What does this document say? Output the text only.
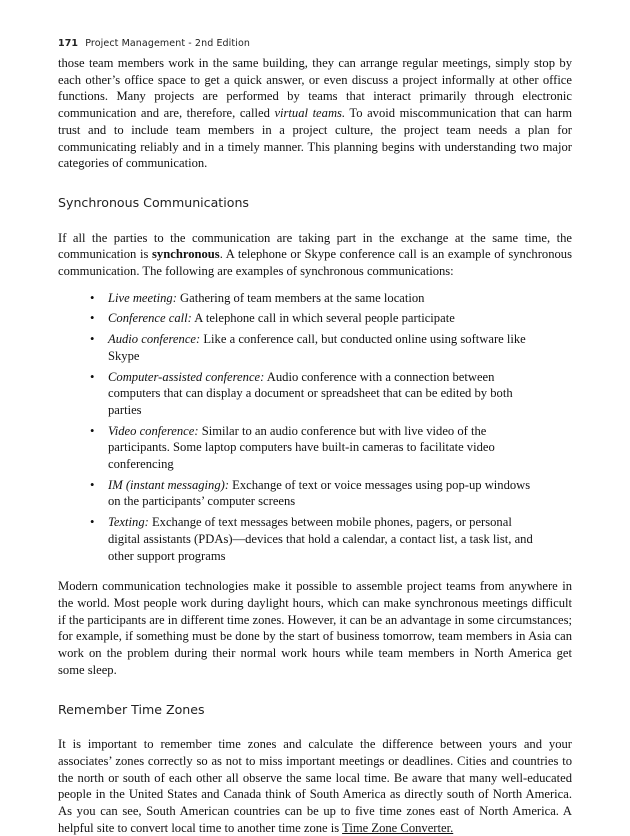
171 Project Management - 2nd Edition

those team members work in the same building, they can arrange regular meetings, simply stop by each other’s office space to get a quick answer, or even discuss a project informally at other office functions. Many projects are performed by teams that interact primarily through electronic communication and are, therefore, called virtual teams. To avoid miscommunication that can harm trust and to include team members in a project culture, the project team needs a plan for communicating reliably and in a timely manner. This planning begins with understanding two major categories of communication.

Synchronous Communications

If all the parties to the communication are taking part in the exchange at the same time, the communication is synchronous. A telephone or Skype conference call is an example of synchronous communication. The following are examples of synchronous communications:

• Live meeting: Gathering of team members at the same location
• Conference call: A telephone call in which several people participate
• Audio conference: Like a conference call, but conducted online using software like Skype
• Computer-assisted conference: Audio conference with a connection between computers that can display a document or spreadsheet that can be edited by both parties
• Video conference: Similar to an audio conference but with live video of the participants. Some laptop computers have built-in cameras to facilitate video conferencing
• IM (instant messaging): Exchange of text or voice messages using pop-up windows on the participants’ computer screens
• Texting: Exchange of text messages between mobile phones, pagers, or personal digital assistants (PDAs)—devices that hold a calendar, a contact list, a task list, and other support programs

Modern communication technologies make it possible to assemble project teams from anywhere in the world. Most people work during daylight hours, which can make synchronous meetings difficult if the participants are in different time zones. However, it can be an advantage in some circumstances; for example, if something must be done by the start of business tomorrow, team members in Asia can work on the problem during their normal work hours while team members in North America get some sleep.

Remember Time Zones

It is important to remember time zones and calculate the difference between yours and your associates’ zones correctly so as not to miss important meetings or deadlines. Cities and countries to the north or south of each other all observe the same local time. Be aware that many well-educated people in the United States and Canada think of South America as directly south of North America. As you can see, South American countries can be up to five time zones east of North America. A helpful site to convert local time to another time zone is Time Zone Converter.
